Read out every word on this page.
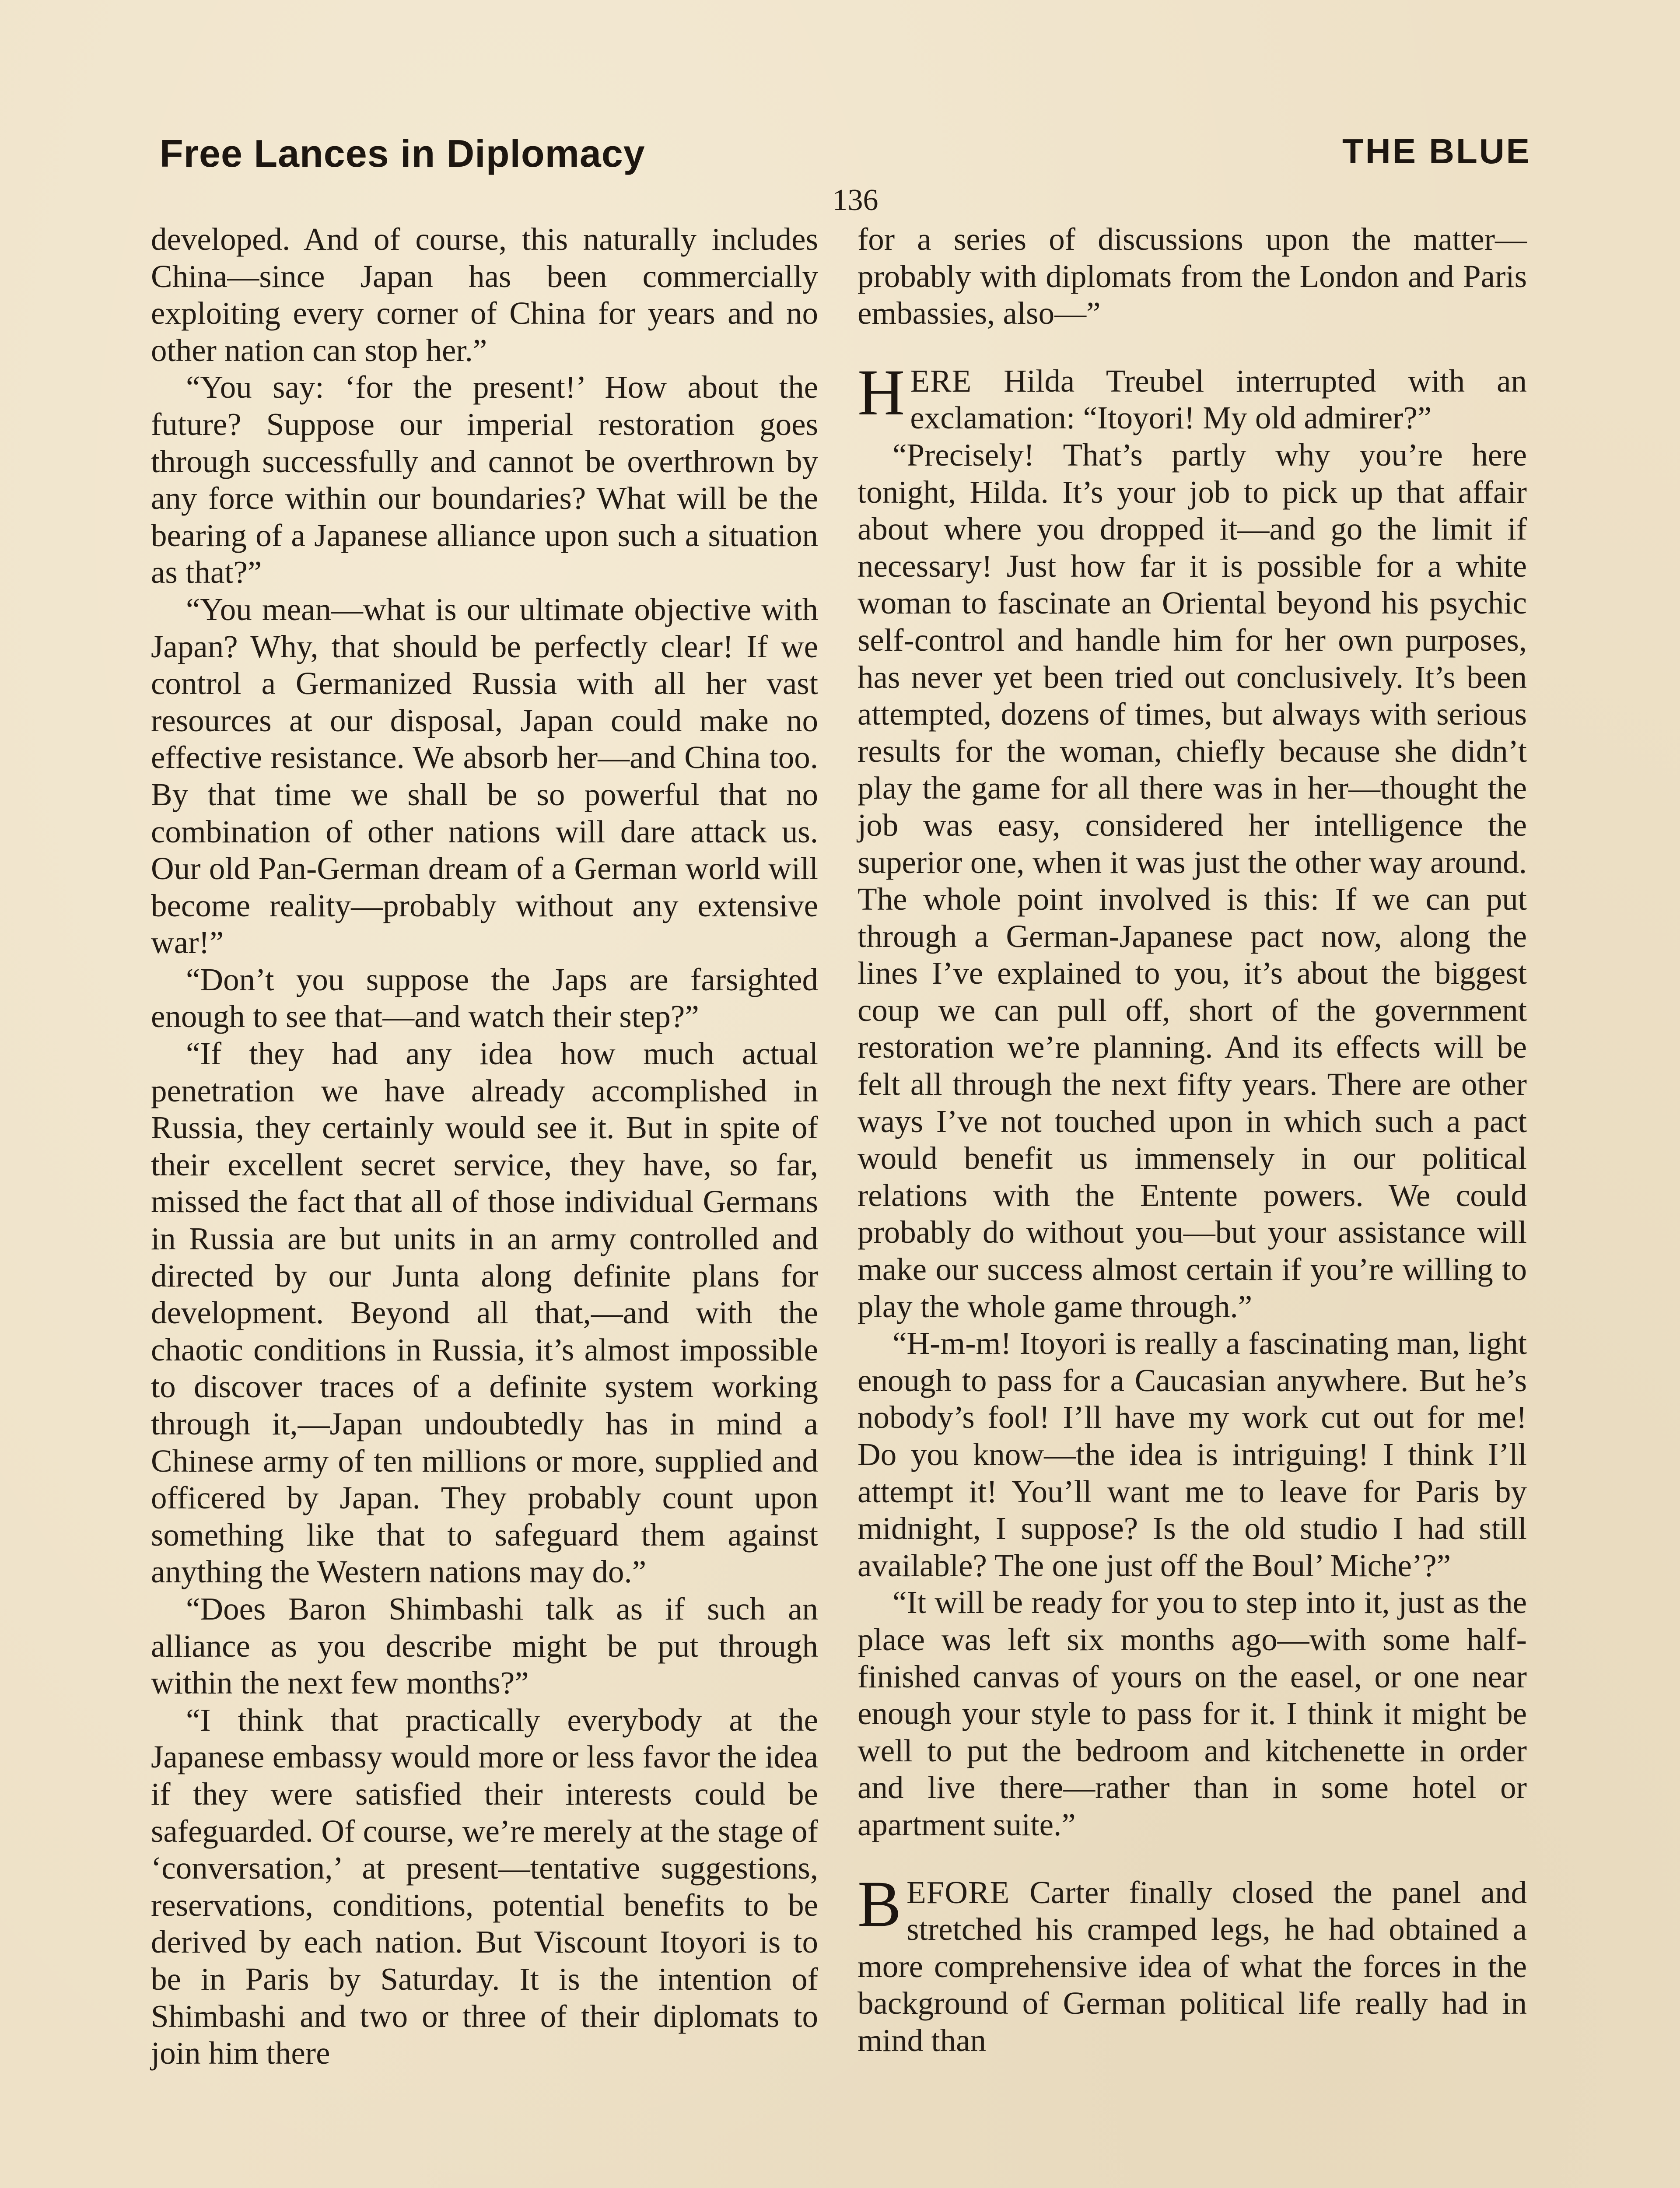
Free Lances in Diplomacy	THE BLUE
136

developed. And of course, this naturally includes China—since Japan has been commercially exploiting every corner of China for years and no other nation can stop her.”

“You say: ‘for the present!’ How about the future? Suppose our imperial restoration goes through successfully and cannot be overthrown by any force within our boundaries? What will be the bearing of a Japanese alliance upon such a situation as that?”

“You mean—what is our ultimate objective with Japan? Why, that should be perfectly clear! If we control a Germanized Russia with all her vast resources at our disposal, Japan could make no effective resistance. We absorb her—and China too. By that time we shall be so powerful that no combination of other nations will dare attack us. Our old Pan-German dream of a German world will become reality—probably without any extensive war!”

“Don’t you suppose the Japs are farsighted enough to see that—and watch their step?”

“If they had any idea how much actual penetration we have already accomplished in Russia, they certainly would see it. But in spite of their excellent secret service, they have, so far, missed the fact that all of those individual Germans in Russia are but units in an army controlled and directed by our Junta along definite plans for development. Beyond all that,—and with the chaotic conditions in Russia, it’s almost impossible to discover traces of a definite system working through it,—Japan undoubtedly has in mind a Chinese army of ten millions or more, supplied and officered by Japan. They probably count upon something like that to safeguard them against anything the Western nations may do.”

“Does Baron Shimbashi talk as if such an alliance as you describe might be put through within the next few months?”

“I think that practically everybody at the Japanese embassy would more or less favor the idea if they were satisfied their interests could be safeguarded. Of course, we’re merely at the stage of ‘conversation,’ at present—tentative suggestions, reservations, conditions, potential benefits to be derived by each nation. But Viscount Itoyori is to be in Paris by Saturday. It is the intention of Shimbashi and two or three of their diplomats to join him there

for a series of discussions upon the matter—probably with diplomats from the London and Paris embassies, also—”

HERE Hilda Treubel interrupted with an exclamation: “Itoyori! My old admirer?”

“Precisely! That’s partly why you’re here tonight, Hilda. It’s your job to pick up that affair about where you dropped it—and go the limit if necessary! Just how far it is possible for a white woman to fascinate an Oriental beyond his psychic self-control and handle him for her own purposes, has never yet been tried out conclusively. It’s been attempted, dozens of times, but always with serious results for the woman, chiefly because she didn’t play the game for all there was in her—thought the job was easy, considered her intelligence the superior one, when it was just the other way around. The whole point involved is this: If we can put through a German-Japanese pact now, along the lines I’ve explained to you, it’s about the biggest coup we can pull off, short of the government restoration we’re planning. And its effects will be felt all through the next fifty years. There are other ways I’ve not touched upon in which such a pact would benefit us immensely in our political relations with the Entente powers. We could probably do without you—but your assistance will make our success almost certain if you’re willing to play the whole game through.”

“H-m-m! Itoyori is really a fascinating man, light enough to pass for a Caucasian anywhere. But he’s nobody’s fool! I’ll have my work cut out for me! Do you know—the idea is intriguing! I think I’ll attempt it! You’ll want me to leave for Paris by midnight, I suppose? Is the old studio I had still available? The one just off the Boul’ Miche’?”

“It will be ready for you to step into it, just as the place was left six months ago—with some half-finished canvas of yours on the easel, or one near enough your style to pass for it. I think it might be well to put the bedroom and kitchenette in order and live there—rather than in some hotel or apartment suite.”

BEFORE Carter finally closed the panel and stretched his cramped legs, he had obtained a more comprehensive idea of what the forces in the background of German political life really had in mind than
